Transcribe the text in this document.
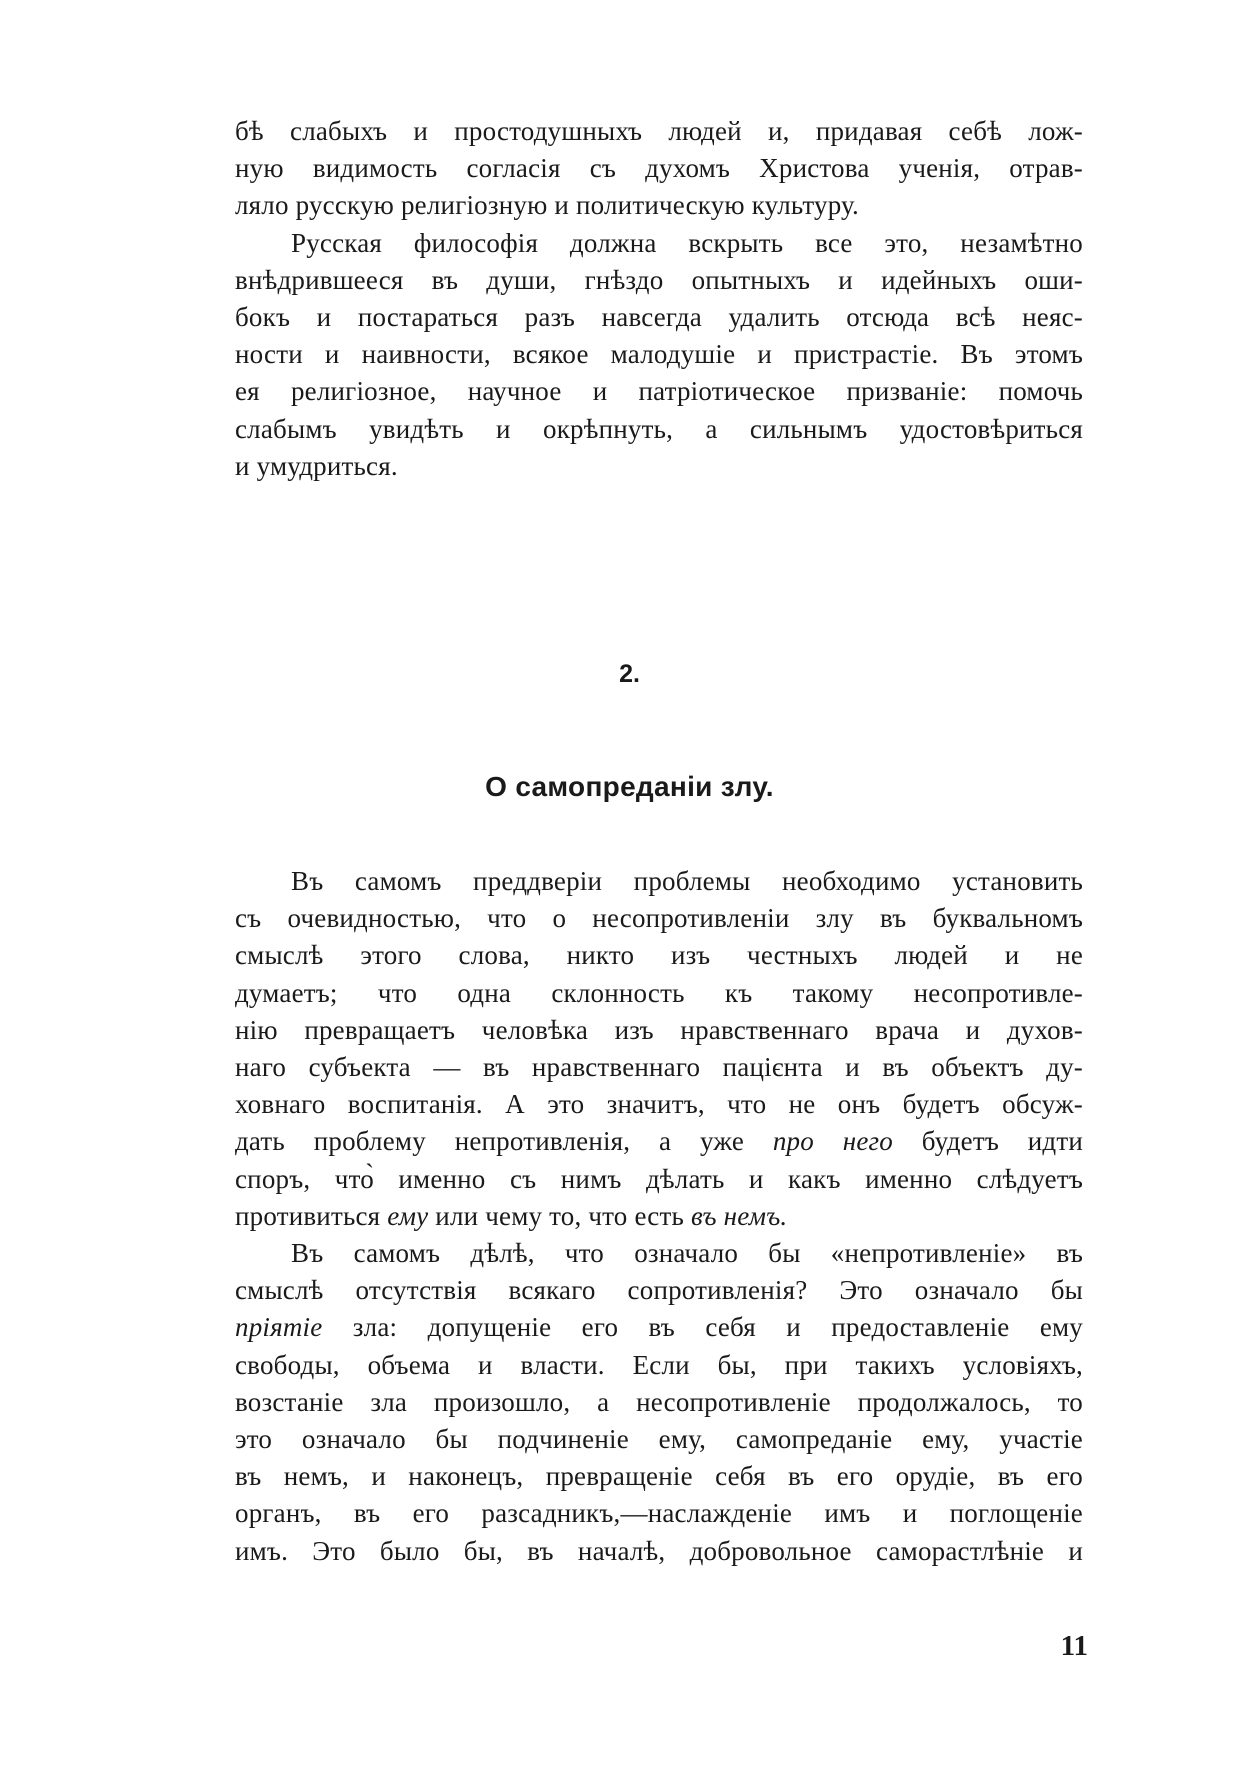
бѣ слабыхъ и простодушныхъ людей и, придавая себѣ лож-
ную видимость согласія съ духомъ Христова ученія, отрав-
ляло русскую религіозную и политическую культуру.
Русская философія должна вскрыть все это, незамѣтно
внѣдрившееся въ души, гнѣздо опытныхъ и идейныхъ оши-
бокъ и постараться разъ навсегда удалить отсюда всѣ неяс-
ности и наивности, всякое малодушіе и пристрастіе. Въ этомъ
ея религіозное, научное и патріотическое призваніе: помочь
слабымъ увидѣть и окрѣпнуть, а сильнымъ удостовѣриться
и умудриться.
2.
О самопреданіи злу.
Въ самомъ преддверіи проблемы необходимо установить
съ очевидностью, что о несопротивленіи злу въ буквальномъ
смыслѣ этого слова, никто изъ честныхъ людей и не
думаетъ; что одна склонность къ такому несопротивле-
нію превращаетъ человѣка изъ нравственнаго врача и духов-
наго субъекта — въ нравственнаго пацієнта и въ объектъ ду-
ховнаго воспитанія. А это значитъ, что не онъ будетъ обсуж-
дать проблему непротивленія, а уже про него будетъ идти
споръ, что̀ именно съ нимъ дѣлать и какъ именно слѣдуетъ
противиться ему или чему то, что есть въ немъ.
Въ самомъ дѣлѣ, что означало бы «непротивленіе» въ
смыслѣ отсутствія всякаго сопротивленія? Это означало бы
пріятіе зла: допущеніе его въ себя и предоставленіе ему
свободы, объема и власти. Если бы, при такихъ условіяхъ,
возстаніе зла произошло, а несопротивленіе продолжалось, то
это означало бы подчиненіе ему, самопреданіе ему, участіе
въ немъ, и наконецъ, превращеніе себя въ его орудіе, въ его
органъ, въ его разсадникъ,—наслажденіе имъ и поглощеніе
имъ. Это было бы, въ началѣ, добровольное саморастлѣніе и
11
